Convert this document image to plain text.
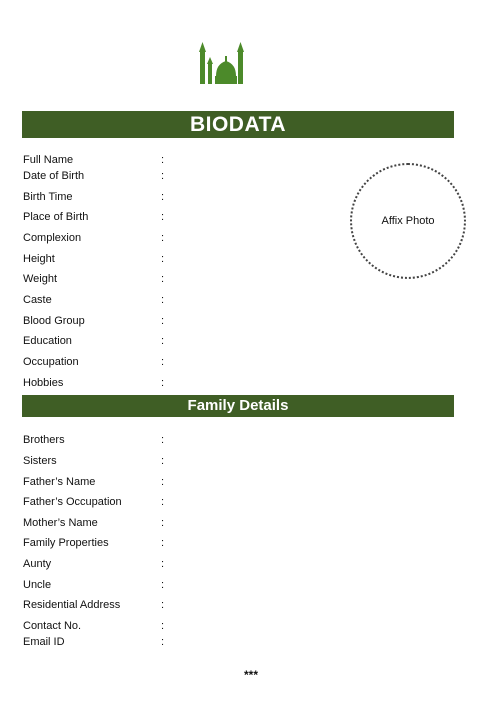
BIODATA
Full Name	:
Date of Birth	:
Birth Time	:
Place of Birth	:
Complexion	:
Height	:
Weight	:
Caste	:
Blood Group	:
Education	:
Occupation	:
Hobbies	:
Affix Photo
Family Details
Brothers	:
Sisters	:
Father’s Name	:
Father’s Occupation	:
Mother’s Name	:
Family Properties	:
Aunty	:
Uncle	:
Residential Address	:
Contact No.	:
Email ID	:
***
